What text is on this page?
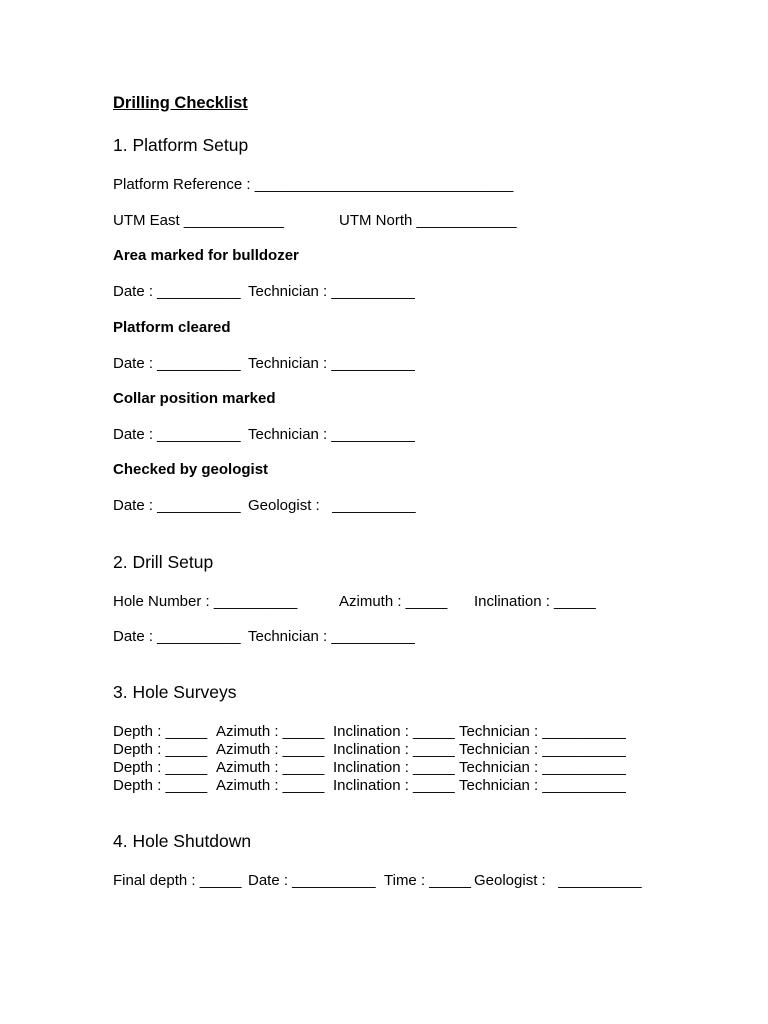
Drilling Checklist
1. Platform Setup
Platform Reference : _______________________________

UTM East ____________

	UTM North ____________

Area marked for bulldozer

Date : __________

Technician : __________

Platform cleared

Date : __________

Technician : __________

Collar position marked

Date : __________

Technician : __________

Checked by geologist

Date : __________

Geologist :   __________

2. Drill Setup

Hole Number : __________

	Azimuth : _____

Inclination : _____

Date : __________

Technician : __________

3. Hole Surveys

Depth : _____

Azimuth : _____

Inclination : _____

Technician : __________

Depth : _____

Azimuth : _____

Inclination : _____

Technician : __________

Depth : _____

Azimuth : _____

Inclination : _____

Technician : __________

Depth : _____

Azimuth : _____

Inclination : _____

Technician : __________

4. Hole Shutdown

Final depth : _____

Date : __________

Time : _____

Geologist :   __________
